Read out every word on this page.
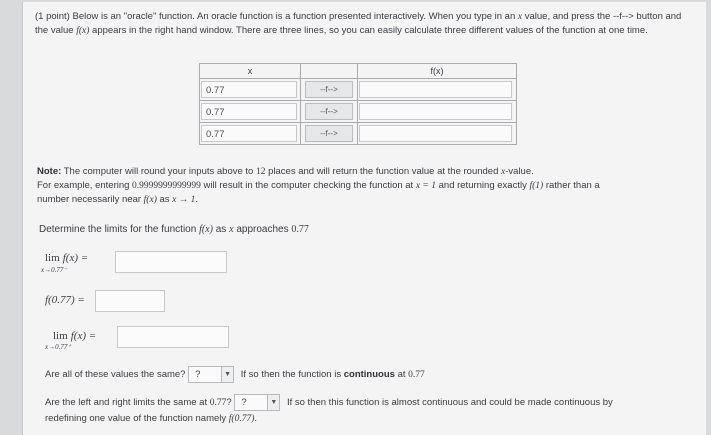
(1 point) Below is an "oracle" function. An oracle function is a function presented interactively. When you type in an x value, and press the --f--> button and the value f(x) appears in the right hand window. There are three lines, so you can easily calculate three different values of the function at one time.
x		f(x)

0.77	--f-->	

0.77	--f-->	

0.77	--f-->	

Note: The computer will round your inputs above to 12 places and will return the function value at the rounded x-value.
For example, entering 0.9999999999999 will result in the computer checking the function at x = 1 and returning exactly f(1) rather than a
number necessarily near f(x) as x → 1.
Determine the limits for the function f(x) as x approaches 0.77
lim f(x) =
x→0.77⁻
f(0.77) =
lim f(x) =
x→0.77⁺
Are all of these values the same? ?	▼ If so then the function is continuous at 0.77
Are the left and right limits the same at 0.77? ?	▼ If so then this function is almost continuous and could be made continuous by
redefining one value of the function namely f(0.77).
